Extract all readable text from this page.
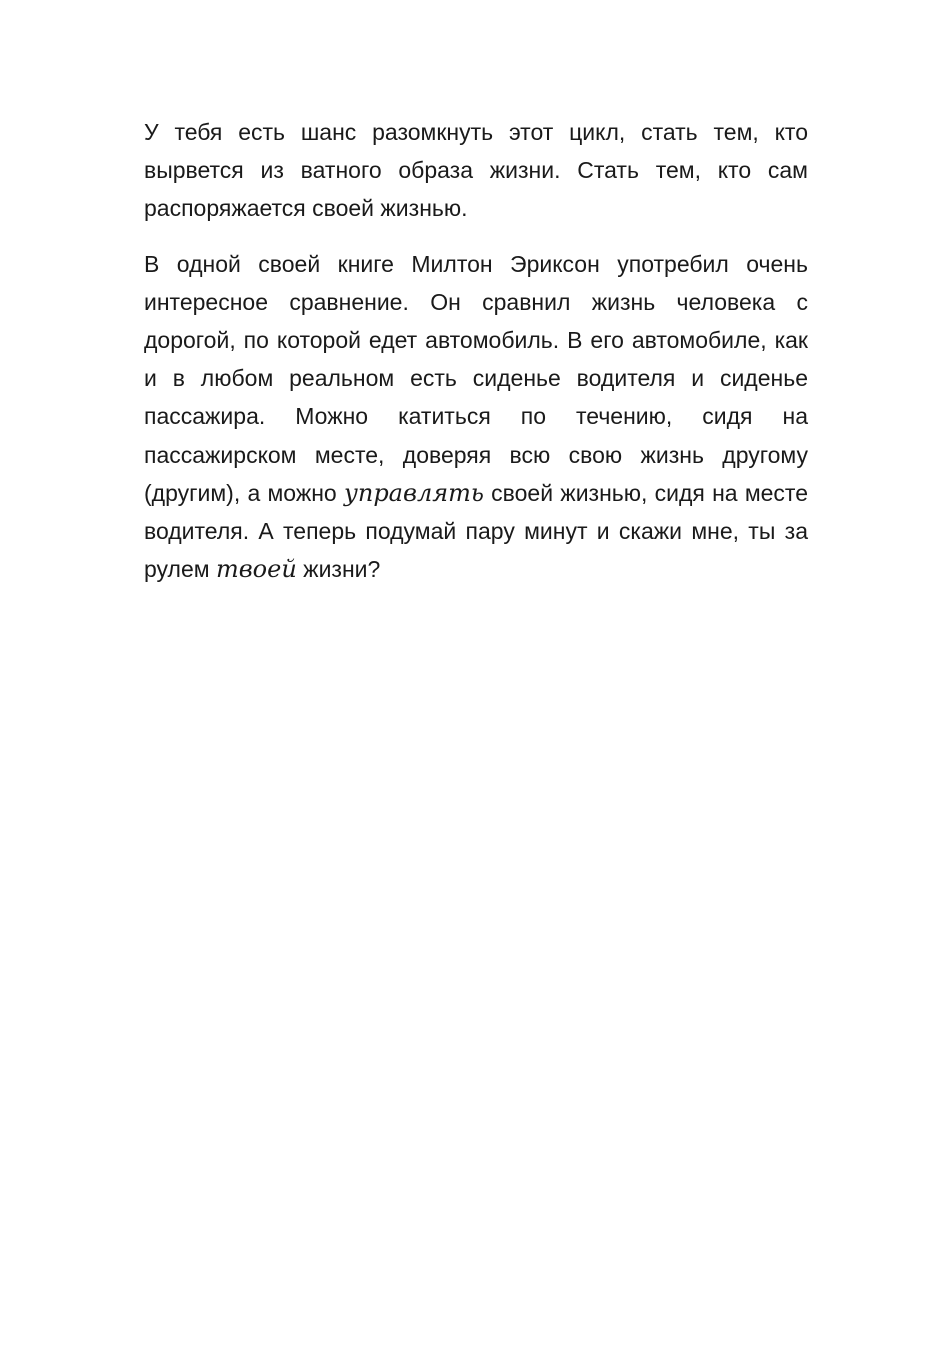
У тебя есть шанс разомкнуть этот цикл, стать тем, кто вырвется из ватного образа жизни. Стать тем, кто сам распоряжается своей жизнью.

В одной своей книге Милтон Эриксон употребил очень интересное сравнение. Он сравнил жизнь человека с дорогой, по которой едет автомобиль. В его автомобиле, как и в любом реальном есть сиденье водителя и сиденье пассажира. Можно катиться по течению, сидя на пассажирском месте, доверяя всю свою жизнь другому (другим), а можно управлять своей жизнью, сидя на месте водителя. А теперь подумай пару минут и скажи мне, ты за рулем твоей жизни?
